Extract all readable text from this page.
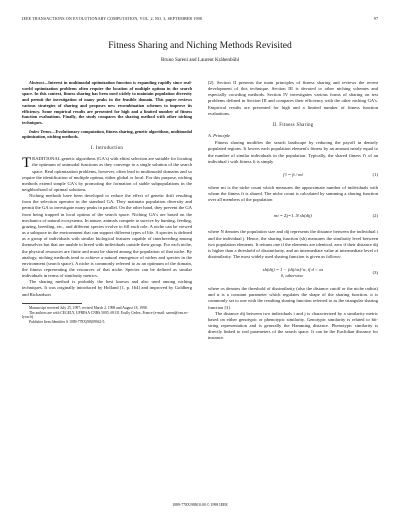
IEEE TRANSACTIONS ON EVOLUTIONARY COMPUTATION, VOL. 2, NO. 3, SEPTEMBER 1998	97
Fitness Sharing and Niching Methods Revisited
Bruno Sareni and Laurent Krähenbühl

Abstract—Interest in multimodal optimization function is expanding rapidly since real-world optimization problems often require the location of multiple optima in the search space. In this context, fitness sharing has been used widely to maintain population diversity and permit the investigation of many peaks in the feasible domain. This paper reviews various strategies of sharing and proposes new recombination schemes to improve its efficiency. Some empirical results are presented for high and a limited number of fitness function evaluations. Finally, the study compares the sharing method with other niching techniques.

Index Terms—Evolutionary computation, fitness sharing, genetic algorithms, multimodal optimization, niching methods.

I. Introduction

TRADITIONAL genetic algorithms (GA's) with elitist selection are suitable for locating the optimum of unimodal functions as they converge to a single solution of the search space. Real optimization problems, however, often lead to multimodal domains and so require the identification of multiple optima, either global or local. For this purpose, niching methods extend simple GA's by promoting the formation of stable subpopulations in the neighborhood of optimal solutions.

Niching methods have been developed to reduce the effect of genetic drift resulting from the selection operator in the standard GA. They maintain population diversity and permit the GA to investigate many peaks in parallel. On the other hand, they prevent the GA from being trapped in local optima of the search space. Niching GA's are based on the mechanics of natural ecosystems. In nature, animals compete to survive by hunting, feeding, grazing, breeding, etc., and different species evolve to fill each role. A niche can be viewed as a subspace in the environment that can support different types of life. A species is defined as a group of individuals with similar biological features capable of interbreeding among themselves but that are unable to breed with individuals outside their group. For each niche, the physical resources are finite and must be shared among the population of that niche. By analogy, niching methods tend to achieve a natural emergence of niches and species in the environment (search space). A niche is commonly referred to as an optimum of the domain, the fitness representing the resources of that niche. Species can be defined as similar individuals in terms of similarity metrics.

The sharing method is probably the best known and also used among niching techniques. It was originally introduced by Holland [1, p. 164] and improved by Goldberg and Richardson

Manuscript received July 25, 1997; revised March 2, 1998 and August 18, 1998.

The authors are with CEGELY, UPRESA CNRS 5005, 69131 Ecully Cedex, France (e-mail: sareni@eea.ec-lyon.fr).

Publisher Item Identifier S 1089-778X(98)09942-5.

[2]. Section II presents the main principles of fitness sharing and reviews the recent development of this technique. Section III is devoted to other niching schemes and especially crowding methods. Section IV investigates various forms of sharing on test problems defined in Section III and compares their efficiency with the other niching GA's. Empirical results are presented for high and a limited number of fitness function evaluations.

II. Fitness Sharing
A. Principle

Fitness sharing modifies the search landscape by reducing the payoff in densely populated regions. It lowers each population element's fitness by an amount nearly equal to the number of similar individuals in the population. Typically, the shared fitness f′i of an individual i with fitness fi is simply

f′i = fi / mi	(1)

where mi is the niche count which measures the approximate number of individuals with whom the fitness fi is shared. The niche count is calculated by summing a sharing function over all members of the population

mi = Σj=1..N sh(dij)	(2)

where N denotes the population size and dij represents the distance between the individual i and the individual j. Hence, the sharing function (sh) measures the similarity level between two population elements. It returns one if the elements are identical, zero if their distance dij is higher than a threshold of dissimilarity, and an intermediate value at intermediate level of dissimilarity. The most widely used sharing function is given as follows:

sh(dij) = 1 − (dij/σs)^α, if d < σs
0, otherwise
(3)

where σs denotes the threshold of dissimilarity (also the distance cutoff or the niche radius) and α is a constant parameter which regulates the shape of the sharing function. α is commonly set to one with the resulting sharing function referred to as the triangular sharing function [3].

The distance dij between two individuals i and j is characterized by a similarity metric based on either genotypic or phenotypic similarity. Genotypic similarity is related to bit-string representation and is generally the Hamming distance. Phenotypic similarity is directly linked to real parameters of the search space. It can be the Euclidian distance for instance.

1089-778X/98$10.00 © 1998 IEEE
